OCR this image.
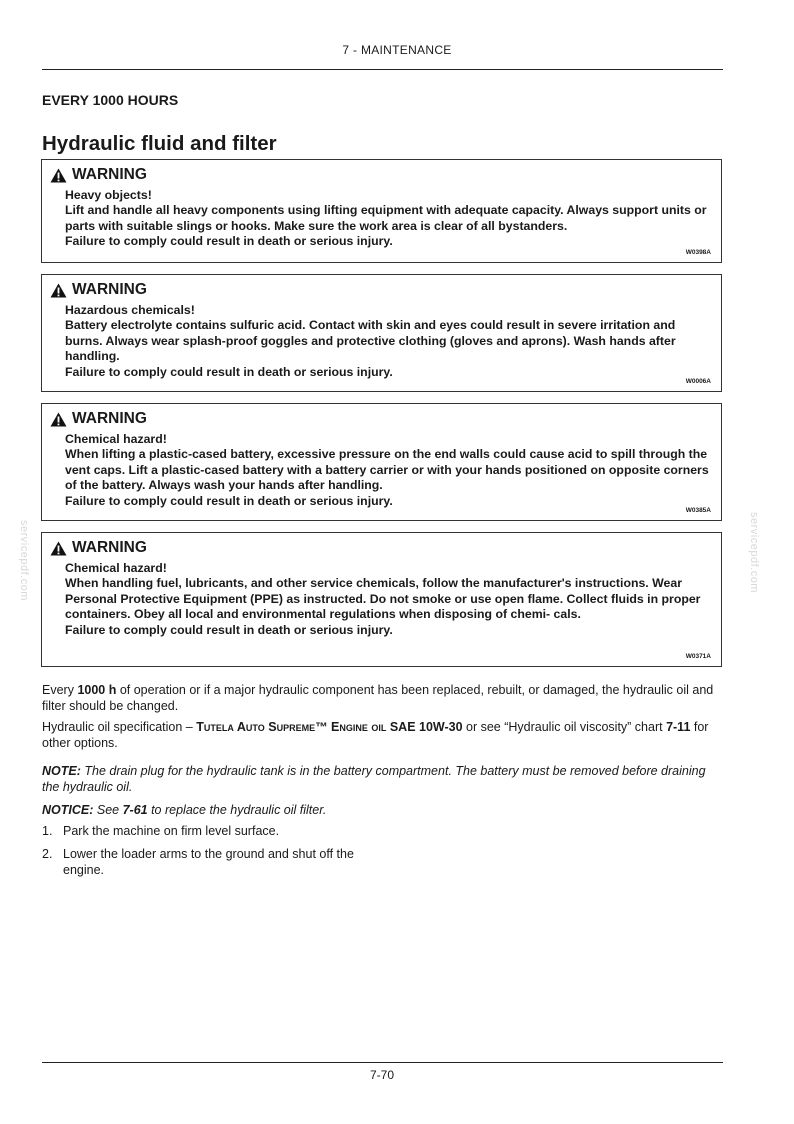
7 - MAINTENANCE
EVERY 1000 HOURS
Hydraulic fluid and filter
WARNING

Heavy objects!

Lift and handle all heavy components using lifting equipment with adequate capacity. Always support units or parts with suitable slings or hooks. Make sure the work area is clear of all bystanders.

Failure to comply could result in death or serious injury.

W0398A
WARNING

Hazardous chemicals!

Battery electrolyte contains sulfuric acid. Contact with skin and eyes could result in severe irritation and burns. Always wear splash-proof goggles and protective clothing (gloves and aprons). Wash hands after handling.

Failure to comply could result in death or serious injury.

W0006A
WARNING

Chemical hazard!

When lifting a plastic-cased battery, excessive pressure on the end walls could cause acid to spill through the vent caps. Lift a plastic-cased battery with a battery carrier or with your hands positioned on opposite corners of the battery. Always wash your hands after handling.

Failure to comply could result in death or serious injury.

W0385A
WARNING

Chemical hazard!

When handling fuel, lubricants, and other service chemicals, follow the manufacturer's instructions. Wear Personal Protective Equipment (PPE) as instructed. Do not smoke or use open flame. Collect fluids in proper containers. Obey all local and environmental regulations when disposing of chemi- cals.

Failure to comply could result in death or serious injury.

W0371A

Every 1000 h of operation or if a major hydraulic component has been replaced, rebuilt, or damaged, the hydraulic oil and filter should be changed.

Hydraulic oil specification – Tutela Auto Supreme™ Engine oil SAE 10W-30 or see “Hydraulic oil viscosity” chart 7-11 for other options.

NOTE: The drain plug for the hydraulic tank is in the battery compartment. The battery must be removed before draining the hydraulic oil.

NOTICE: See 7-61 to replace the hydraulic oil filter.

1. Park the machine on firm level surface.
2. Lower the loader arms to the ground and shut off the engine.
servicepdf.com	servicepdf.com
7-70
